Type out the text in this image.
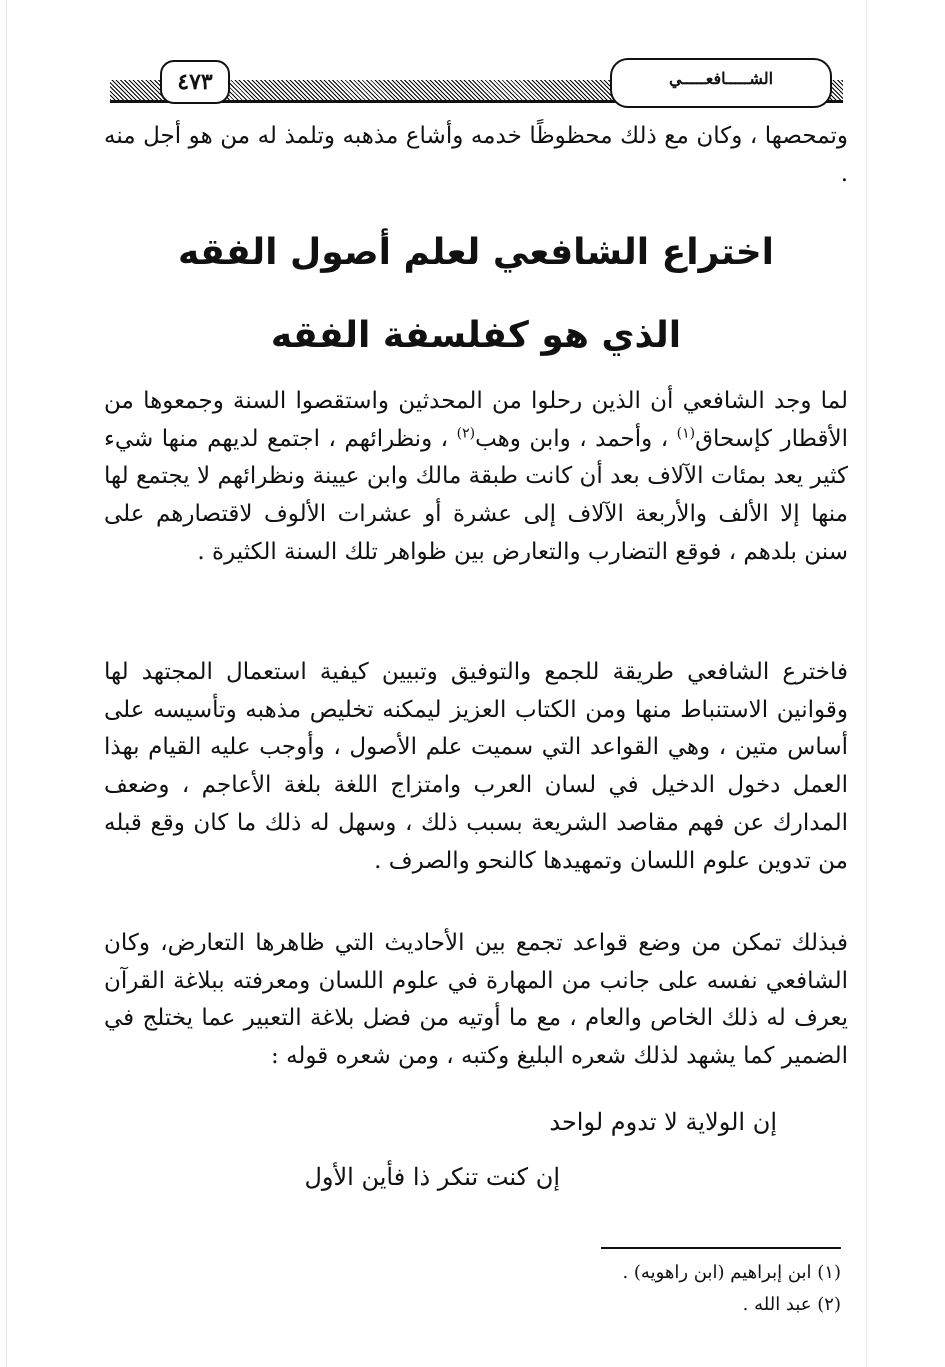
٤٧٣	الشـــــافعـــــي

وتمحصها ، وكان مع ذلك محظوظًا خدمه وأشاع مذهبه وتلمذ له من هو أجل منه .

اختراع الشافعي لعلم أصول الفقه
الذي هو كفلسفة الفقه

لما وجد الشافعي أن الذين رحلوا من المحدثين واستقصوا السنة وجمعوها من الأقطار كإسحاق$^{(١)}$ ، وأحمد ، وابن وهب$^{(٢)}$ ، ونظرائهم ، اجتمع لديهم منها شيء كثير يعد بمئات الآلاف بعد أن كانت طبقة مالك وابن عيينة ونظرائهم لا يجتمع لها منها إلا الألف والأربعة الآلاف إلى عشرة أو عشرات الألوف لاقتصارهم على سنن بلدهم ، فوقع التضارب والتعارض بين ظواهر تلك السنة الكثيرة .

فاخترع الشافعي طريقة للجمع والتوفيق وتبيين كيفية استعمال المجتهد لها وقوانين الاستنباط منها ومن الكتاب العزيز ليمكنه تخليص مذهبه وتأسيسه على أساس متين ، وهي القواعد التي سميت علم الأصول ، وأوجب عليه القيام بهذا العمل دخول الدخيل في لسان العرب وامتزاج اللغة بلغة الأعاجم ، وضعف المدارك عن فهم مقاصد الشريعة بسبب ذلك ، وسهل له ذلك ما كان وقع قبله من تدوين علوم اللسان وتمهيدها كالنحو والصرف .

فبذلك تمكن من وضع قواعد تجمع بين الأحاديث التي ظاهرها التعارض، وكان الشافعي نفسه على جانب من المهارة في علوم اللسان ومعرفته ببلاغة القرآن يعرف له ذلك الخاص والعام ، مع ما أوتيه من فضل بلاغة التعبير عما يختلج في الضمير كما يشهد لذلك شعره البليغ وكتبه ، ومن شعره قوله :

إن الولاية لا تدوم لواحد

إن كنت تنكر ذا فأين الأول

(١) ابن إبراهيم (ابن راهويه) .

(٢) عبد الله .
